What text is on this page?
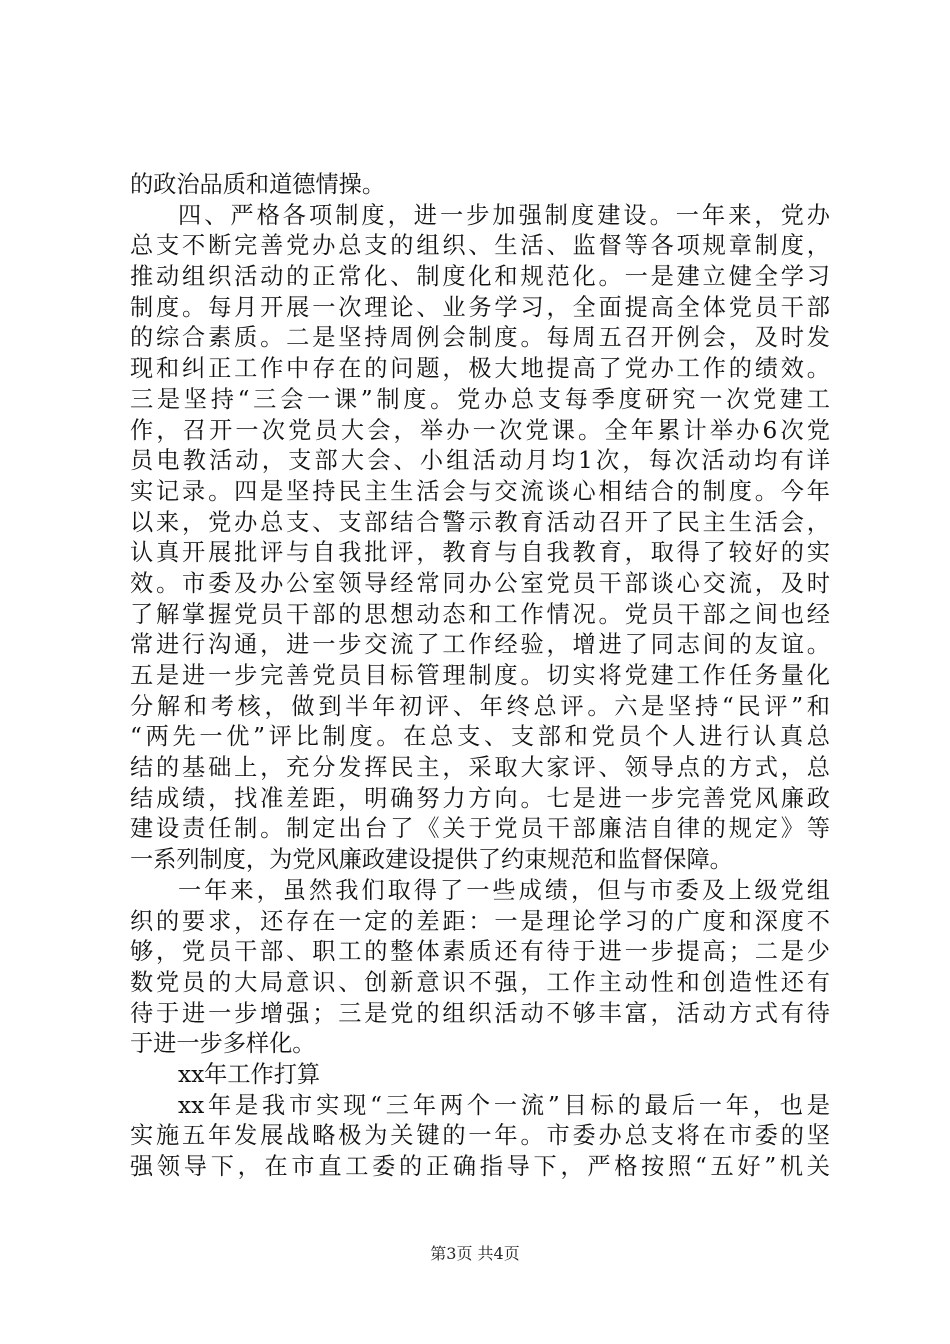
的政治品质和道德情操。
四、严格各项制度，进一步加强制度建设。一年来，党办
总支不断完善党办总支的组织、生活、监督等各项规章制度，
推动组织活动的正常化、制度化和规范化。一是建立健全学习
制度。每月开展一次理论、业务学习，全面提高全体党员干部
的综合素质。二是坚持周例会制度。每周五召开例会，及时发
现和纠正工作中存在的问题，极大地提高了党办工作的绩效。
三是坚持“三会一课”制度。党办总支每季度研究一次党建工
作，召开一次党员大会，举办一次党课。全年累计举办6次党
员电教活动，支部大会、小组活动月均1次，每次活动均有详
实记录。四是坚持民主生活会与交流谈心相结合的制度。今年
以来，党办总支、支部结合警示教育活动召开了民主生活会，
认真开展批评与自我批评，教育与自我教育，取得了较好的实
效。市委及办公室领导经常同办公室党员干部谈心交流，及时
了解掌握党员干部的思想动态和工作情况。党员干部之间也经
常进行沟通，进一步交流了工作经验，增进了同志间的友谊。
五是进一步完善党员目标管理制度。切实将党建工作任务量化
分解和考核，做到半年初评、年终总评。六是坚持“民评”和
“两先一优”评比制度。在总支、支部和党员个人进行认真总
结的基础上，充分发挥民主，采取大家评、领导点的方式，总
结成绩，找准差距，明确努力方向。七是进一步完善党风廉政
建设责任制。制定出台了《关于党员干部廉洁自律的规定》等
一系列制度，为党风廉政建设提供了约束规范和监督保障。
一年来，虽然我们取得了一些成绩，但与市委及上级党组
织的要求，还存在一定的差距：一是理论学习的广度和深度不
够，党员干部、职工的整体素质还有待于进一步提高；二是少
数党员的大局意识、创新意识不强，工作主动性和创造性还有
待于进一步增强；三是党的组织活动不够丰富，活动方式有待
于进一步多样化。
xx年工作打算
xx年是我市实现“三年两个一流”目标的最后一年，也是
实施五年发展战略极为关键的一年。市委办总支将在市委的坚
强领导下，在市直工委的正确指导下，严格按照“五好”机关
第3页 共4页
